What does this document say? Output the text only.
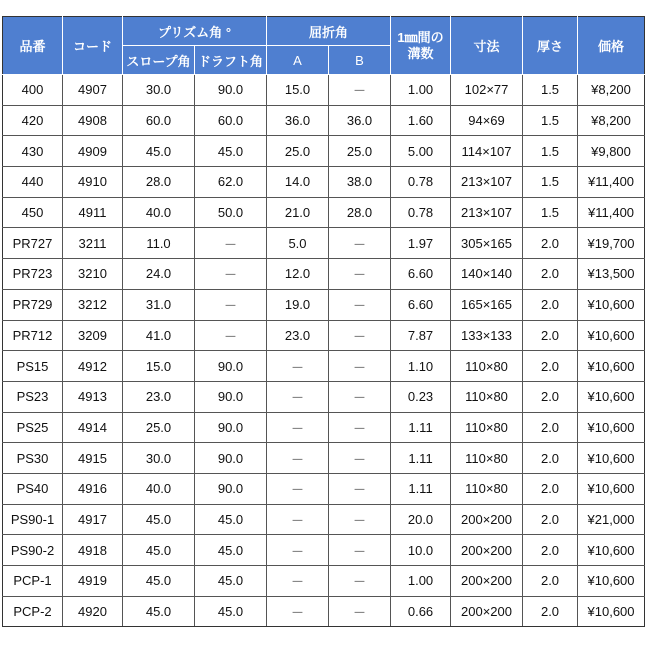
品番	コード	プリズム角 °		屈折角		1㎜間の
溝数	寸法	厚さ	価格
		スロープ角	ドラフト角	A	B				
400	4907	30.0	90.0	15.0	－	1.00	102×77	1.5	¥8,200
420	4908	60.0	60.0	36.0	36.0	1.60	94×69	1.5	¥8,200
430	4909	45.0	45.0	25.0	25.0	5.00	114×107	1.5	¥9,800
440	4910	28.0	62.0	14.0	38.0	0.78	213×107	1.5	¥11,400
450	4911	40.0	50.0	21.0	28.0	0.78	213×107	1.5	¥11,400
PR727	3211	11.0	－	5.0	－	1.97	305×165	2.0	¥19,700
PR723	3210	24.0	－	12.0	－	6.60	140×140	2.0	¥13,500
PR729	3212	31.0	－	19.0	－	6.60	165×165	2.0	¥10,600
PR712	3209	41.0	－	23.0	－	7.87	133×133	2.0	¥10,600
PS15	4912	15.0	90.0	－	－	1.10	110×80	2.0	¥10,600
PS23	4913	23.0	90.0	－	－	0.23	110×80	2.0	¥10,600
PS25	4914	25.0	90.0	－	－	1.11	110×80	2.0	¥10,600
PS30	4915	30.0	90.0	－	－	1.11	110×80	2.0	¥10,600
PS40	4916	40.0	90.0	－	－	1.11	110×80	2.0	¥10,600
PS90-1	4917	45.0	45.0	－	－	20.0	200×200	2.0	¥21,000
PS90-2	4918	45.0	45.0	－	－	10.0	200×200	2.0	¥10,600
PCP-1	4919	45.0	45.0	－	－	1.00	200×200	2.0	¥10,600
PCP-2	4920	45.0	45.0	－	－	0.66	200×200	2.0	¥10,600
